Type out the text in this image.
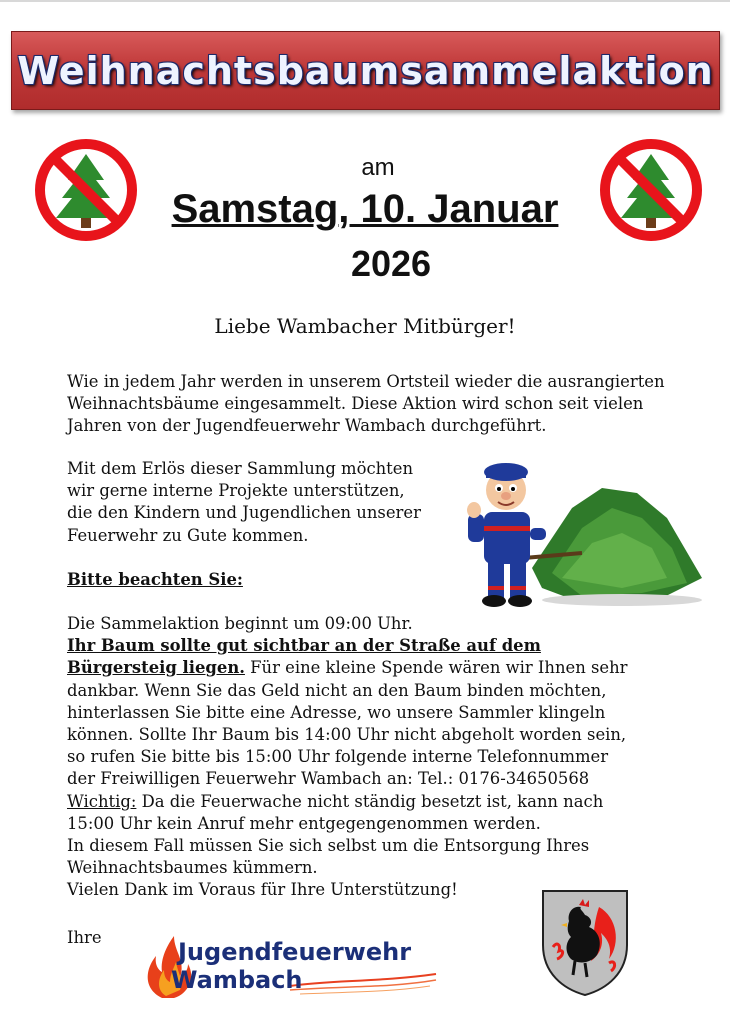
Weihnachtsbaumsammelaktion
am
Samstag, 10. Januar
2026
Liebe Wambacher Mitbürger!

Wie in jedem Jahr werden in unserem Ortsteil wieder die ausrangierten

Weihnachtsbäume eingesammelt. Diese Aktion wird schon seit vielen

Jahren von der Jugendfeuerwehr Wambach durchgeführt.

Mit dem Erlös dieser Sammlung möchten

wir gerne interne Projekte unterstützen,

die den Kindern und Jugendlichen unserer

Feuerwehr zu Gute kommen.

Bitte beachten Sie:

Die Sammelaktion beginnt um 09:00 Uhr.

Ihr Baum sollte gut sichtbar an der Straße auf dem

Bürgersteig liegen. Für eine kleine Spende wären wir Ihnen sehr

dankbar. Wenn Sie das Geld nicht an den Baum binden möchten,

hinterlassen Sie bitte eine Adresse, wo unsere Sammler klingeln

können. Sollte Ihr Baum bis 14:00 Uhr nicht abgeholt worden sein,

so rufen Sie bitte bis 15:00 Uhr folgende interne Telefonnummer

der Freiwilligen Feuerwehr Wambach an: Tel.: 0176-34650568

Wichtig: Da die Feuerwache nicht ständig besetzt ist, kann nach

15:00 Uhr kein Anruf mehr entgegengenommen werden.

In diesem Fall müssen Sie sich selbst um die Entsorgung Ihres

Weihnachtsbaumes kümmern.

Vielen Dank im Voraus für Ihre Unterstützung!

Ihre
Jugendfeuerwehr
Wambach
